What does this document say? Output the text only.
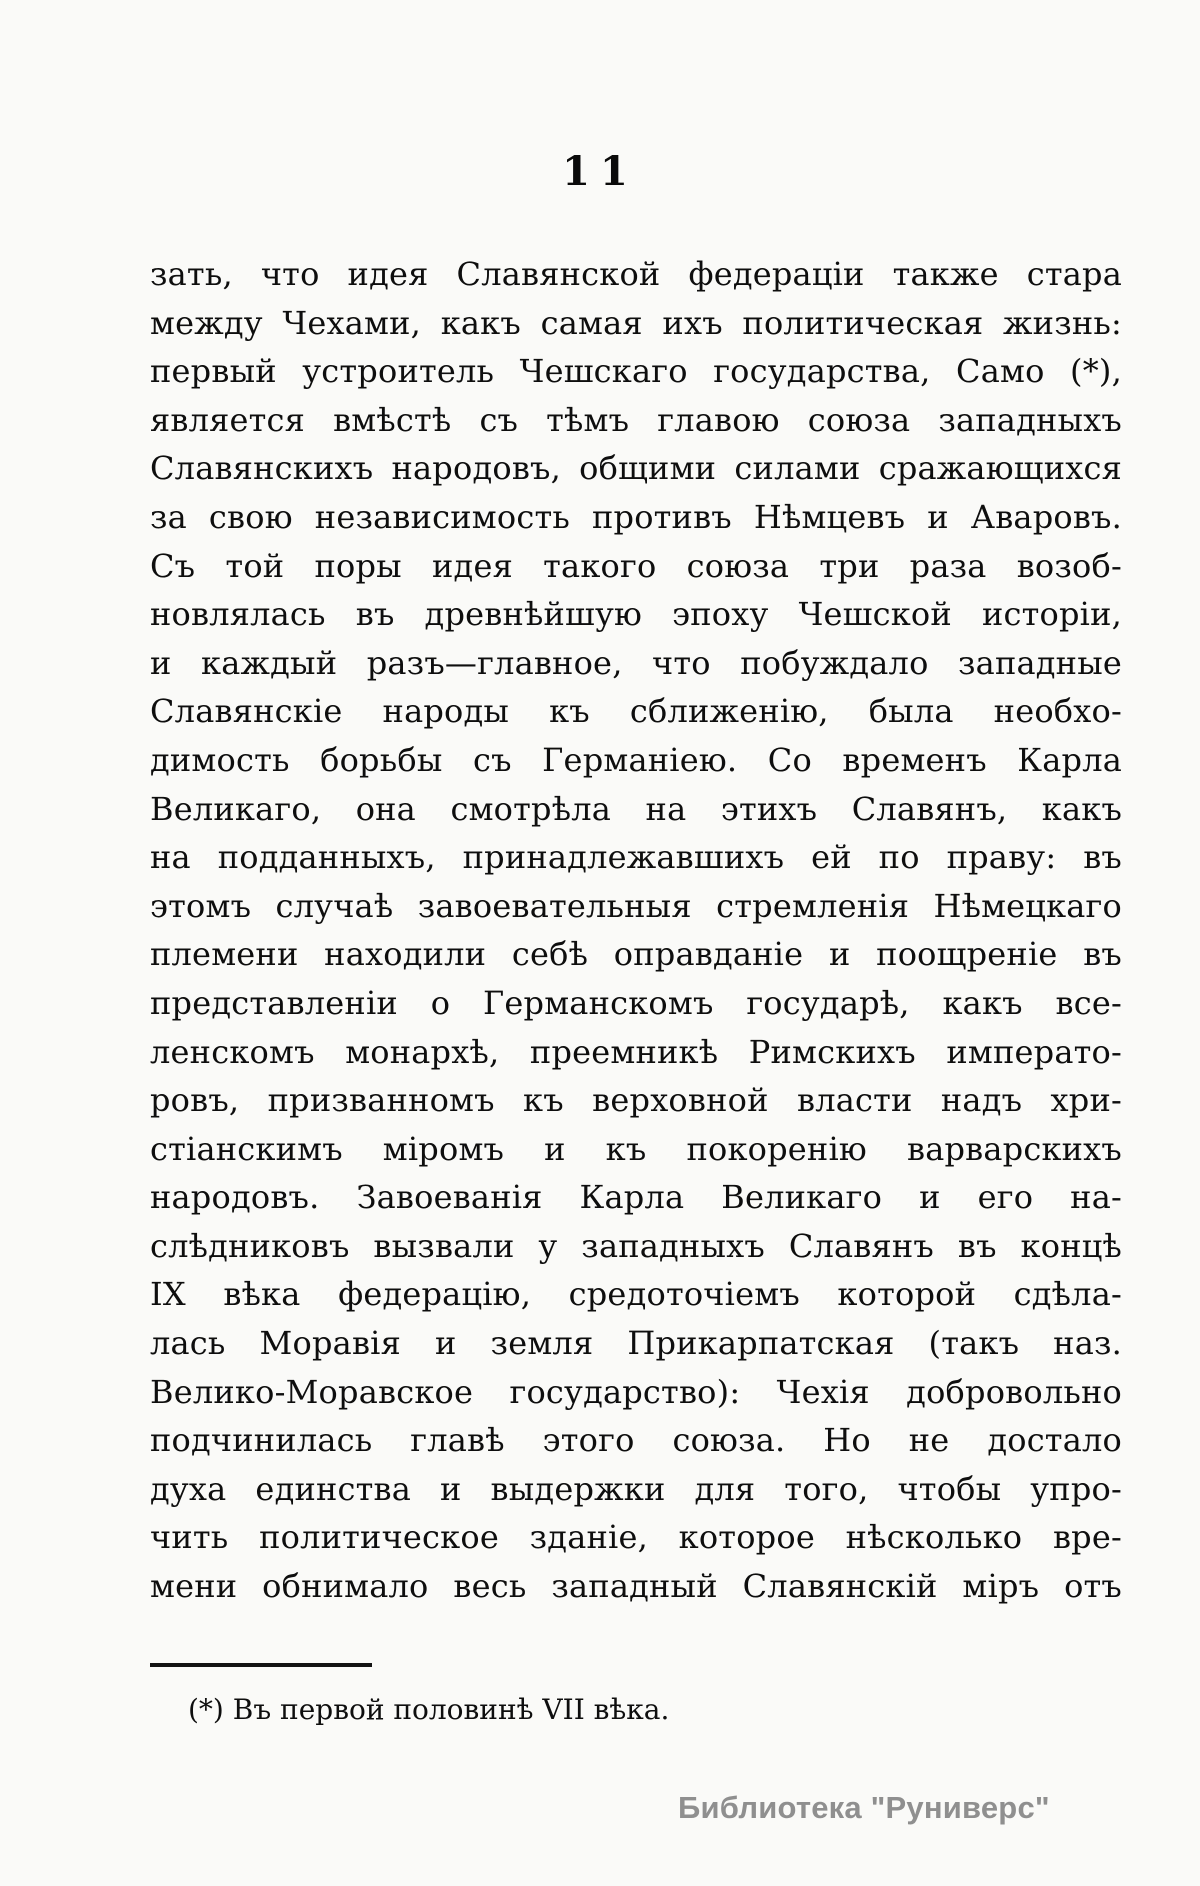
11
зать, что идея Славянской федераціи также стара
между Чехами, какъ самая ихъ политическая жизнь:
первый устроитель Чешскаго государства, Само (*),
является вмѣстѣ съ тѣмъ главою союза западныхъ
Славянскихъ народовъ, общими силами сражающихся
за свою независимость противъ Нѣмцевъ и Аваровъ.
Съ той поры идея такого союза три раза возоб-
новлялась въ древнѣйшую эпоху Чешской исторіи,
и каждый разъ—главное, что побуждало западные
Славянскіе народы къ сближенію, была необхо-
димость борьбы съ Германіею. Со временъ Карла
Великаго, она смотрѣла на этихъ Славянъ, какъ
на подданныхъ, принадлежавшихъ ей по праву: въ
этомъ случаѣ завоевательныя стремленія Нѣмецкаго
племени находили себѣ оправданіе и поощреніе въ
представленіи о Германскомъ государѣ, какъ все-
ленскомъ монархѣ, преемникѣ Римскихъ императо-
ровъ, призванномъ къ верховной власти надъ хри-
стіанскимъ міромъ и къ покоренію варварскихъ
народовъ. Завоеванія Карла Великаго и его на-
слѣдниковъ вызвали у западныхъ Славянъ въ концѣ
IX вѣка федерацію, средоточіемъ которой сдѣла-
лась Моравія и земля Прикарпатская (такъ наз.
Велико-Моравское государство): Чехія добровольно
подчинилась главѣ этого союза. Но не достало
духа единства и выдержки для того, чтобы упро-
чить политическое зданіе, которое нѣсколько вре-
мени обнимало весь западный Славянскій міръ отъ
(*) Въ первой половинѣ VII вѣка.
Библиотека "Руниверс"
